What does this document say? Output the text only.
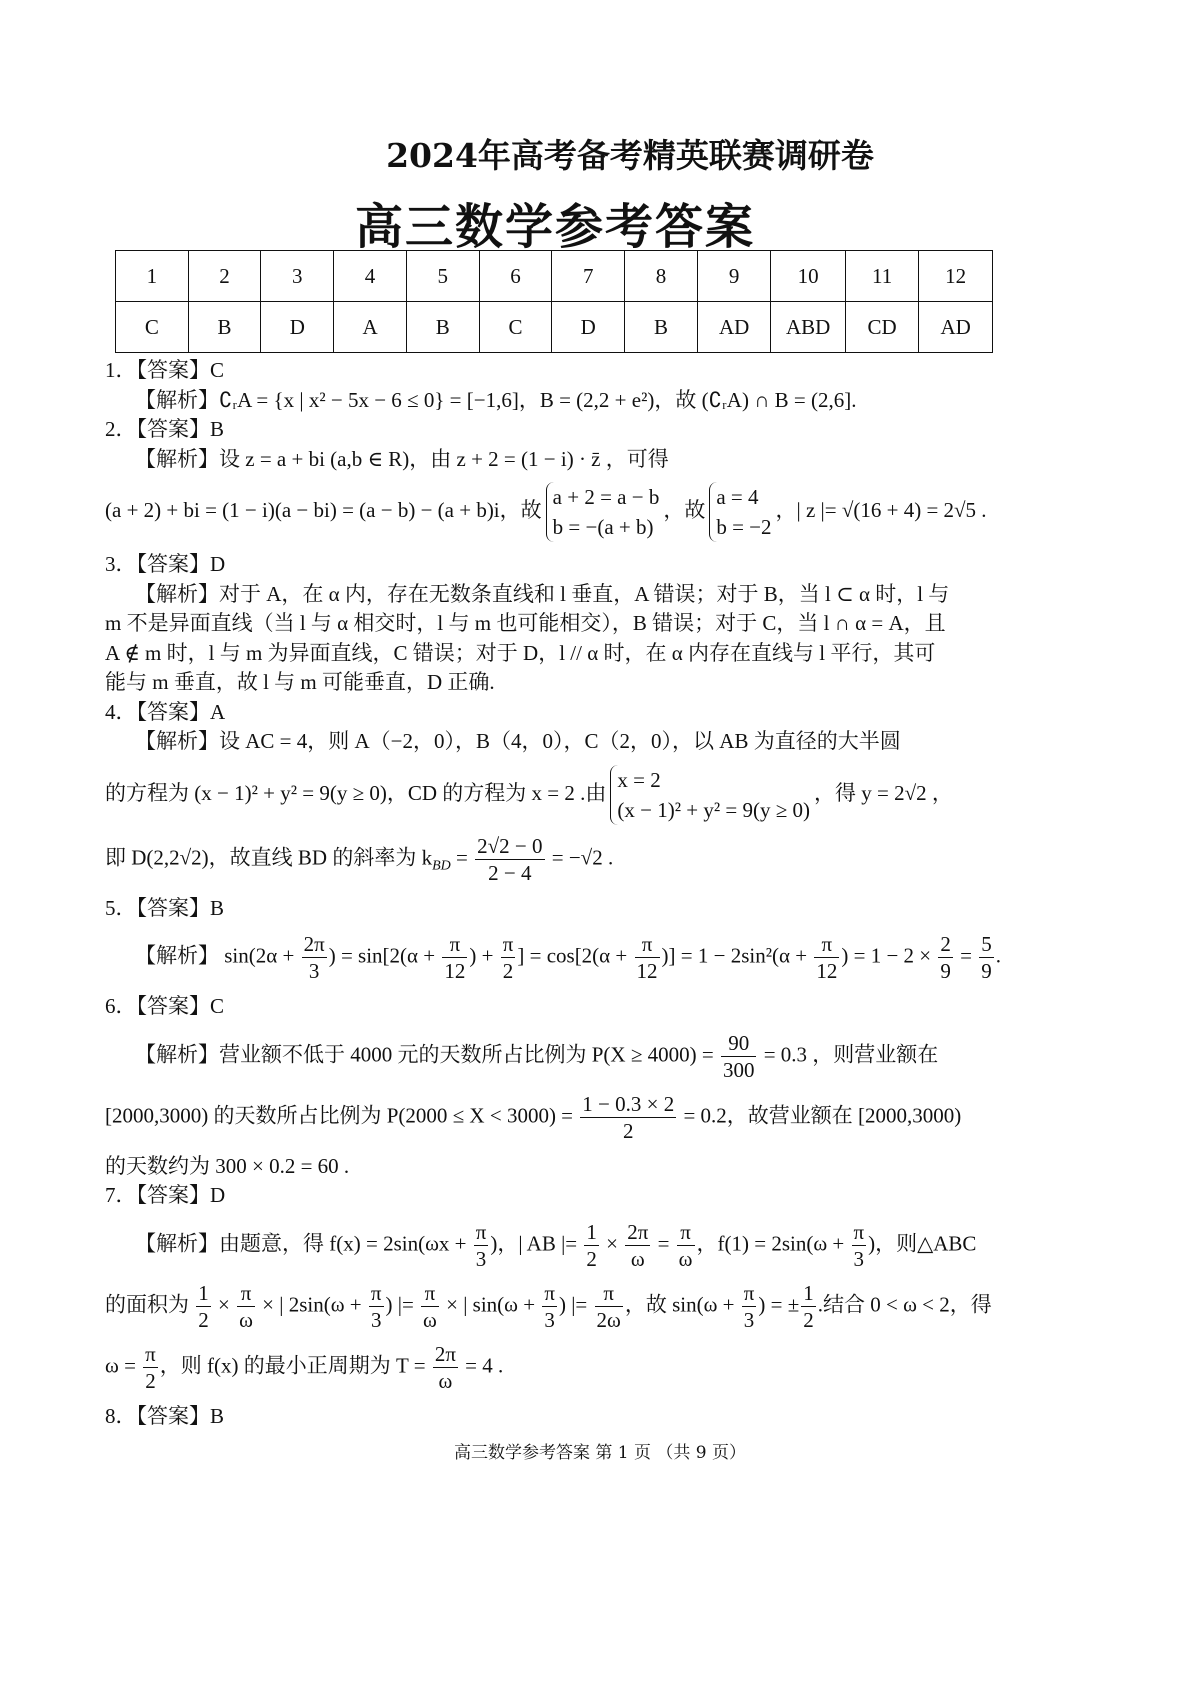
2024年高考备考精英联赛调研卷
高三数学参考答案
1	2	3	4	5	6	7	8	9	10	11	12
C	B	D	A	B	C	D	B	AD	ABD	CD	AD
1．【答案】C
【解析】∁ᵣA = {x | x² − 5x − 6 ≤ 0} = [−1,6]，B = (2,2 + e²)，故 (∁ᵣA) ∩ B = (2,6].
2．【答案】B
【解析】设 z = a + bi (a,b ∈ R)，由 z + 2 = (1 − i) · z̄ ，可得
(a + 2) + bi = (1 − i)(a − bi) = (a − b) − (a + b)i，故
a + 2 = a − b
b = −(a + b)
，故
a = 4
b = −2
，| z |= √(16 + 4) = 2√5 .
3．【答案】D
【解析】对于 A，在 α 内，存在无数条直线和 l 垂直，A 错误；对于 B，当 l ⊂ α 时，l 与
m 不是异面直线（当 l 与 α 相交时，l 与 m 也可能相交），B 错误；对于 C，当 l ∩ α = A，且
A ∉ m 时，l 与 m 为异面直线，C 错误；对于 D，l // α 时，在 α 内存在直线与 l 平行，其可
能与 m 垂直，故 l 与 m 可能垂直，D 正确.
4．【答案】A
【解析】设 AC = 4，则 A（−2，0），B（4，0），C（2，0），以 AB 为直径的大半圆
的方程为 (x − 1)² + y² = 9(y ≥ 0)，CD 的方程为 x = 2 .由
x = 2
(x − 1)² + y² = 9(y ≥ 0)
，得 y = 2√2 ，
即 D(2,2√2)，故直线 BD 的斜率为 $k_{BD} = \frac{2√2 - 0}{2 - 4} = -√2$ .
5．【答案】B
【解析】 $\sin(2\alpha + \frac{2\pi}{3}$ ) = $\sin[2(\alpha + \frac{\pi}{12}$ ) + $\frac{\pi}{2}$ ] = $\cos[2(\alpha + \frac{\pi}{12}$ )] = $1 - 2\sin^2(\alpha + \frac{\pi}{12}$ ) = $1 - 2 \times \frac{2}{9} = \frac{5}{9}$ .
6．【答案】C
【解析】营业额不低于 4000 元的天数所占比例为 $P(X \ge 4000) = \frac{90}{300} = 0.3$ ，则营业额在
[2000,3000) 的天数所占比例为 $P(2000 \le X < 3000) = \frac{1 - 0.3 \times 2}{2} = 0.2$，故营业额在 [2000,3000)
的天数约为 300 × 0.2 = 60 .
7．【答案】D
【解析】由题意，得 $f(x) = 2\sin(\omega x + \frac{\pi}{3}$ )，| AB |= $\frac{1}{2} \times \frac{2\pi}{\omega} = \frac{\pi}{\omega}$ ，$f(1) = 2\sin(\omega + \frac{\pi}{3}$ )，则△ABC
的面积为 $\frac{1}{2} \times \frac{\pi}{\omega}$ × | $2\sin(\omega + \frac{\pi}{3}$ ) |= $\frac{\pi}{\omega}$ × | $\sin(\omega + \frac{\pi}{3}$ ) |= $\frac{\pi}{2\omega}$ ，故 $\sin(\omega + \frac{\pi}{3}$ ) = ± $\frac{1}{2}$ .结合 0 < ω < 2，得
$\omega = \frac{\pi}{2}$ ，则 f(x) 的最小正周期为 $T = \frac{2\pi}{\omega} = 4$ .
8．【答案】B
高三数学参考答案 第 1 页 （共 9 页）
